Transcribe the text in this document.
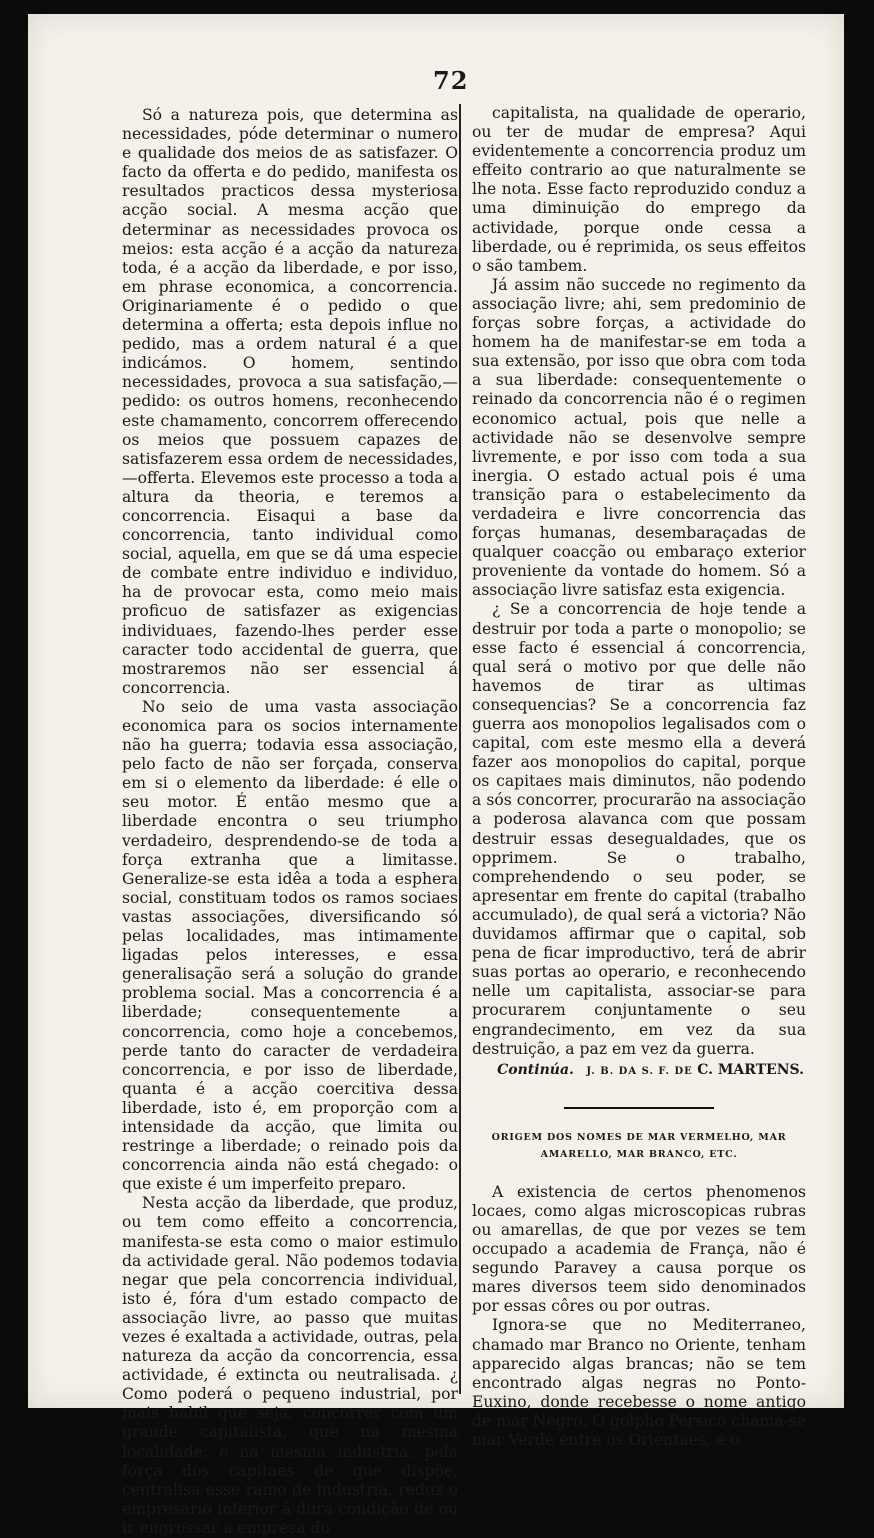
72

Só a natureza pois, que determina as necessidades, póde determinar o numero e qualidade dos meios de as satisfazer. O facto da offerta e do pedido, manifesta os resultados practicos dessa mysteriosa acção social. A mesma acção que determinar as necessidades provoca os meios: esta acção é a acção da natureza toda, é a acção da liberdade, e por isso, em phrase economica, a concorrencia. Originariamente é o pedido o que determina a offerta; esta depois influe no pedido, mas a ordem natural é a que indicámos. O homem, sentindo necessidades, provoca a sua satisfação,—pedido: os outros homens, reconhecendo este chamamento, concorrem offerecendo os meios que possuem capazes de satisfazerem essa ordem de necessidades,—offerta. Elevemos este processo a toda a altura da theoria, e teremos a concorrencia. Eisaqui a base da concorrencia, tanto individual como social, aquella, em que se dá uma especie de combate entre individuo e individuo, ha de provocar esta, como meio mais proficuo de satisfazer as exigencias individuaes, fazendo-lhes perder esse caracter todo accidental de guerra, que mostraremos não ser essencial á concorrencia.

No seio de uma vasta associação economica para os socios internamente não ha guerra; todavia essa associação, pelo facto de não ser forçada, conserva em si o elemento da liberdade: é elle o seu motor. É então mesmo que a liberdade encontra o seu triumpho verdadeiro, desprendendo-se de toda a força extranha que a limitasse. Generalize-se esta idêa a toda a esphera social, constituam todos os ramos sociaes vastas associações, diversificando só pelas localidades, mas intimamente ligadas pelos interesses, e essa generalisação será a solução do grande problema social. Mas a concorrencia é a liberdade; consequentemente a concorrencia, como hoje a concebemos, perde tanto do caracter de verdadeira concorrencia, e por isso de liberdade, quanta é a acção coercitiva dessa liberdade, isto é, em proporção com a intensidade da acção, que limita ou restringe a liberdade; o reinado pois da concorrencia ainda não está chegado: o que existe é um imperfeito preparo.

Nesta acção da liberdade, que produz, ou tem como effeito a concorrencia, manifesta-se esta como o maior estimulo da actividade geral. Não podemos todavia negar que pela concorrencia individual, isto é, fóra d'um estado compacto de associação livre, ao passo que muitas vezes é exaltada a actividade, outras, pela natureza da acção da concorrencia, essa actividade, é extincta ou neutralisada. ¿ Como poderá o pequeno industrial, por mais habil que seja, concorrer com um grande capitalista, que na mesma localidade, e na mesma industria, pela força dos capitaes de que dispõe, centralisa esse ramo de industria, reduz o empresario inferior á dura condição de ou ir engrossar a empresa do

capitalista, na qualidade de operario, ou ter de mudar de empresa? Aqui evidentemente a concorrencia produz um effeito contrario ao que naturalmente se lhe nota. Esse facto reproduzido conduz a uma diminuição do emprego da actividade, porque onde cessa a liberdade, ou é reprimida, os seus effeitos o são tambem.

Já assim não succede no regimento da associação livre; ahi, sem predominio de forças sobre forças, a actividade do homem ha de manifestar-se em toda a sua extensão, por isso que obra com toda a sua liberdade: consequentemente o reinado da concorrencia não é o regimen economico actual, pois que nelle a actividade não se desenvolve sempre livremente, e por isso com toda a sua inergia. O estado actual pois é uma transição para o estabelecimento da verdadeira e livre concorrencia das forças humanas, desembaraçadas de qualquer coacção ou embaraço exterior proveniente da vontade do homem. Só a associação livre satisfaz esta exigencia.

¿ Se a concorrencia de hoje tende a destruir por toda a parte o monopolio; se esse facto é essencial á concorrencia, qual será o motivo por que delle não havemos de tirar as ultimas consequencias? Se a concorrencia faz guerra aos monopolios legalisados com o capital, com este mesmo ella a deverá fazer aos monopolios do capital, porque os capitaes mais diminutos, não podendo a sós concorrer, procurarão na associação a poderosa alavanca com que possam destruir essas desegualdades, que os opprimem. Se o trabalho, comprehendendo o seu poder, se apresentar em frente do capital (trabalho accumulado), de qual será a victoria? Não duvidamos affirmar que o capital, sob pena de ficar improductivo, terá de abrir suas portas ao operario, e reconhecendo nelle um capitalista, associar-se para procurarem conjuntamente o seu engrandecimento, em vez da sua destruição, a paz em vez da guerra.

Continúa. J. B. DA S. F. DE C. MARTENS.
ORIGEM DOS NOMES DE MAR VERMELHO, MAR AMARELLO, MAR BRANCO, ETC.

A existencia de certos phenomenos locaes, como algas microscopicas rubras ou amarellas, de que por vezes se tem occupado a academia de França, não é segundo Paravey a causa porque os mares diversos teem sido denominados por essas côres ou por outras.

Ignora-se que no Mediterraneo, chamado mar Branco no Oriente, tenham apparecido algas brancas; não se tem encontrado algas negras no Ponto-Euxino, donde recebesse o nome antigo de mar Negro. O golpho Persico chama-se mar Verde entre os Orientaes, e o
